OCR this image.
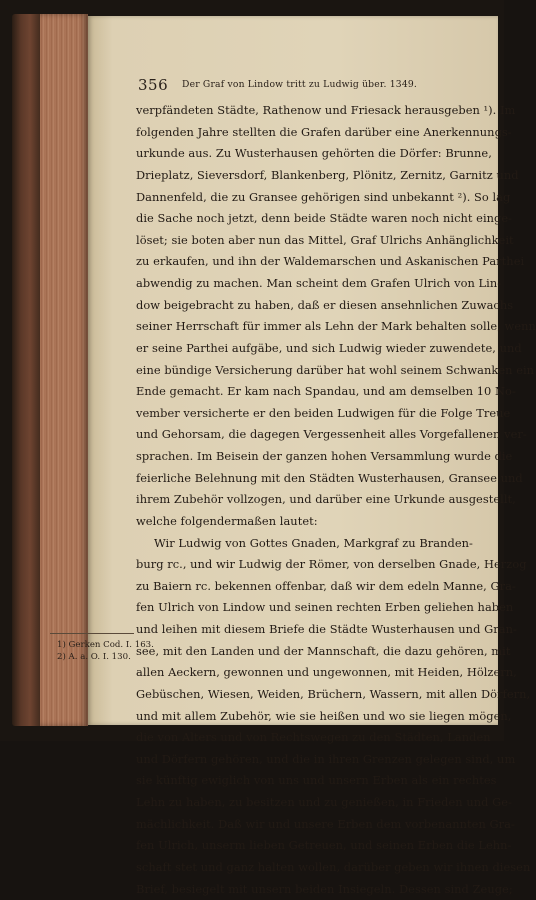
356 Der Graf von Lindow tritt zu Ludwig über. 1349.
verpfändeten Städte, Rathenow und Friesack herausgeben ¹). Im
folgenden Jahre stellten die Grafen darüber eine Anerkennungs-
urkunde aus. Zu Wusterhausen gehörten die Dörfer: Brunne,
Drieplatz, Sieversdorf, Blankenberg, Plönitz, Zernitz, Garnitz und
Dannenfeld, die zu Gransee gehörigen sind unbekannt ²). So lag
die Sache noch jetzt, denn beide Städte waren noch nicht einge-
löset; sie boten aber nun das Mittel, Graf Ulrichs Anhänglichkeit
zu erkaufen, und ihn der Waldemarschen und Askanischen Parthei
abwendig zu machen. Man scheint dem Grafen Ulrich von Lin-
dow beigebracht zu haben, daß er diesen ansehnlichen Zuwachs
seiner Herrschaft für immer als Lehn der Mark behalten solle, wenn
er seine Parthei aufgäbe, und sich Ludwig wieder zuwendete, und
eine bündige Versicherung darüber hat wohl seinem Schwanken ein
Ende gemacht. Er kam nach Spandau, und am demselben 10 No-
vember versicherte er den beiden Ludwigen für die Folge Treue
und Gehorsam, die dagegen Vergessenheit alles Vorgefallenen ver-
sprachen. Im Beisein der ganzen hohen Versammlung wurde die
feierliche Belehnung mit den Städten Wusterhausen, Gransee und
ihrem Zubehör vollzogen, und darüber eine Urkunde ausgestellt,
welche folgendermaßen lautet:
Wir Ludwig von Gottes Gnaden, Markgraf zu Branden-
burg rc., und wir Ludwig der Römer, von derselben Gnade, Herzog
zu Baiern rc. bekennen offenbar, daß wir dem edeln Manne, Gra-
fen Ulrich von Lindow und seinen rechten Erben geliehen haben
und leihen mit diesem Briefe die Städte Wusterhausen und Gran-
see, mit den Landen und der Mannschaft, die dazu gehören, mit
allen Aeckern, gewonnen und ungewonnen, mit Heiden, Hölzern,
Gebüschen, Wiesen, Weiden, Brüchern, Wassern, mit allen Dörfern,
und mit allem Zubehör, wie sie heißen und wo sie liegen mögen,
die von Alters und von Rechtswegen zu den Städten, Landen
und Dörfern gehören, und die in ihren Grenzen gelegen sind, um
sie künftig ewiglich von uns und unsern Erben als ein rechtes
Lehn zu haben, zu besitzen und zu genießen, in Frieden und Ge-
mächlichkeit. Daß wir und unsere Erben dem vorbenannten Gra-
fen Ulrich, unserm lieben Getreuen, und seinen Erben die Lehn-
schaft stet und ganz halten wollen, darüber geben wir ihnen diesen
Brief, besiegelt mit unsern beiden Insiegeln. Dessen sind Zeuge;
1) Gerken Cod. I. 163.
2) A. a. O. I. 130.
